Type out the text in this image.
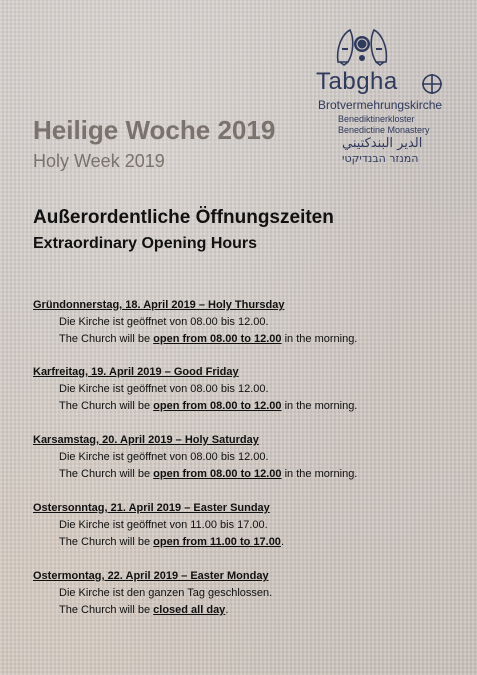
Tabgha
Brotvermehrungskirche
Benediktinerkloster
Benedictine Monastery
الدير البندكتيني
המנזר הבנדיקטי
Heilige Woche 2019
Holy Week 2019
Außerordentliche Öffnungszeiten
Extraordinary Opening Hours
Gründonnerstag, 18. April 2019 – Holy Thursday
Die Kirche ist geöffnet von 08.00 bis 12.00.
The Church will be open from 08.00 to 12.00 in the morning.
Karfreitag, 19. April 2019 – Good Friday
Die Kirche ist geöffnet von 08.00 bis 12.00.
The Church will be open from 08.00 to 12.00 in the morning.
Karsamstag, 20. April 2019 – Holy Saturday
Die Kirche ist geöffnet von 08.00 bis 12.00.
The Church will be open from 08.00 to 12.00 in the morning.
Ostersonntag, 21. April 2019 – Easter Sunday
Die Kirche ist geöffnet von 11.00 bis 17.00.
The Church will be open from 11.00 to 17.00.
Ostermontag, 22. April 2019 – Easter Monday
Die Kirche ist den ganzen Tag geschlossen.
The Church will be closed all day.
